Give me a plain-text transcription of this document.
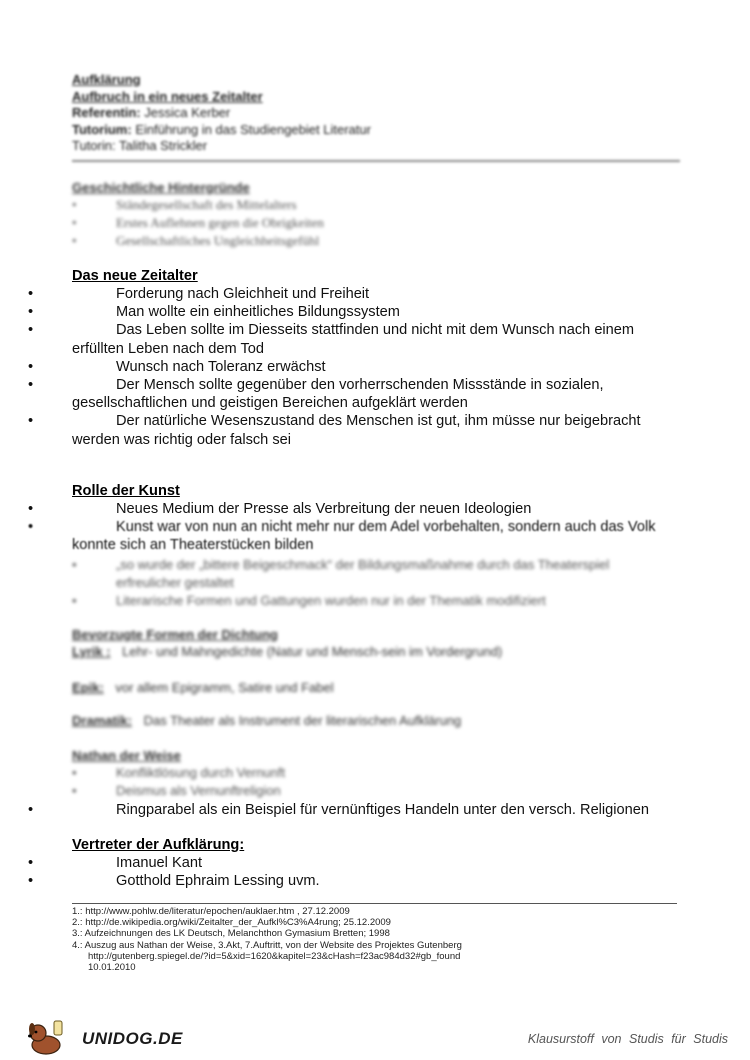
Aufklärung
Aufbruch in ein neues Zeitalter
Referentin: Jessica Kerber
Tutorium: Einführung in das Studiengebiet Literatur
Tutorin: Talitha Strickler
Geschichtliche Hintergründe
•	Ständegesellschaft des Mittelalters
•	Erstes Auflehnen gegen die Obrigkeiten
•	Gesellschaftliches Ungleichheitsgefühl
Das neue Zeitalter
•	Forderung nach Gleichheit und Freiheit
•	Man wollte ein einheitliches Bildungssystem
•	Das Leben sollte im Diesseits stattfinden und nicht mit dem Wunsch nach einem erfüllten Leben nach dem Tod
•	Wunsch nach Toleranz erwächst
•	Der Mensch sollte gegenüber den vorherrschenden Missstände in sozialen, gesellschaftlichen und geistigen Bereichen aufgeklärt werden
•	Der natürliche Wesenszustand des Menschen ist gut, ihm müsse nur beigebracht werden was richtig oder falsch sei
Rolle der Kunst
•	Neues Medium der Presse als Verbreitung der neuen Ideologien
•	Kunst war von nun an nicht mehr nur dem Adel vorbehalten, sondern auch das Volk konnte sich an Theaterstücken bilden
•	„so wurde der „bittere Beigeschmack“ der Bildungsmaßnahme durch das Theaterspiel erfreulicher gestaltet
•	Literarische Formen und Gattungen wurden nur in der Thematik modifiziert
Bevorzugte Formen der Dichtung
Lyrik : Lehr- und Mahngedichte (Natur und Mensch-sein im Vordergrund)
Epik: vor allem Epigramm, Satire und Fabel
Dramatik: Das Theater als Instrument der literarischen Aufklärung
Nathan der Weise
•	Konfliktlösung durch Vernunft
•	Deismus als Vernunftreligion
•	Ringparabel als ein Beispiel für vernünftiges Handeln unter den versch. Religionen
Vertreter der Aufklärung:
•	Imanuel Kant
•	Gotthold Ephraim Lessing uvm.
1.: http://www.pohlw.de/literatur/epochen/auklaer.htm , 27.12.2009
2.: http://de.wikipedia.org/wiki/Zeitalter_der_Aufkl%C3%A4rung; 25.12.2009
3.: Aufzeichnungen des LK Deutsch, Melanchthon Gymasium Bretten; 1998
4.: Auszug aus Nathan der Weise, 3.Akt, 7.Auftritt, von der Website des Projektes Gutenberg
http://gutenberg.spiegel.de/?id=5&xid=1620&kapitel=23&cHash=f23ac984d32#gb_found
10.01.2010
UNIDOG.DE	Klausurstoff von Studis für Studis
